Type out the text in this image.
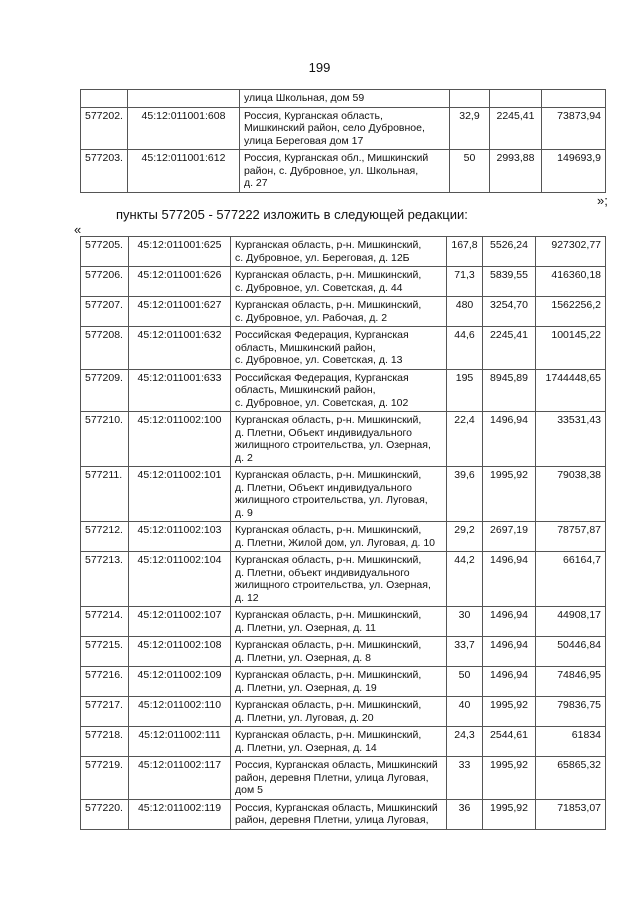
199

		улица Школьная, дом 59			

577202.	45:12:011001:608	Россия, Курганская область,
Мишкинский район, село Дубровное,
улица Береговая дом 17	32,9	2245,41	73873,94
577203.	45:12:011001:612	Россия, Курганская обл., Мишкинский
район, с. Дубровное, ул. Школьная,
д. 27	50	2993,88	149693,9
»;
пункты 577205 - 577222 изложить в следующей редакции:
«
577205.	45:12:011001:625	Курганская область, р-н. Мишкинский,
с. Дубровное, ул. Береговая, д. 12Б	167,8	5526,24	927302,77
577206.	45:12:011001:626	Курганская область, р-н. Мишкинский,
с. Дубровное, ул. Советская, д. 44	71,3	5839,55	416360,18
577207.	45:12:011001:627	Курганская область, р-н. Мишкинский,
с. Дубровное, ул. Рабочая, д. 2	480	3254,70	1562256,2
577208.	45:12:011001:632	Российская Федерация, Курганская
область, Мишкинский район,
с. Дубровное, ул. Советская, д. 13	44,6	2245,41	100145,22
577209.	45:12:011001:633	Российская Федерация, Курганская
область, Мишкинский район,
с. Дубровное, ул. Советская, д. 102	195	8945,89	1744448,65
577210.	45:12:011002:100	Курганская область, р-н. Мишкинский,
д. Плетни, Объект индивидуального
жилищного строительства, ул. Озерная,
д. 2	22,4	1496,94	33531,43
577211.	45:12:011002:101	Курганская область, р-н. Мишкинский,
д. Плетни, Объект индивидуального
жилищного строительства, ул. Луговая,
д. 9	39,6	1995,92	79038,38
577212.	45:12:011002:103	Курганская область, р-н. Мишкинский,
д. Плетни, Жилой дом, ул. Луговая, д. 10	29,2	2697,19	78757,87
577213.	45:12:011002:104	Курганская область, р-н. Мишкинский,
д. Плетни, объект индивидуального
жилищного строительства, ул. Озерная,
д. 12	44,2	1496,94	66164,7
577214.	45:12:011002:107	Курганская область, р-н. Мишкинский,
д. Плетни, ул. Озерная, д. 11	30	1496,94	44908,17
577215.	45:12:011002:108	Курганская область, р-н. Мишкинский,
д. Плетни, ул. Озерная, д. 8	33,7	1496,94	50446,84
577216.	45:12:011002:109	Курганская область, р-н. Мишкинский,
д. Плетни, ул. Озерная, д. 19	50	1496,94	74846,95
577217.	45:12:011002:110	Курганская область, р-н. Мишкинский,
д. Плетни, ул. Луговая, д. 20	40	1995,92	79836,75
577218.	45:12:011002:111	Курганская область, р-н. Мишкинский,
д. Плетни, ул. Озерная, д. 14	24,3	2544,61	61834
577219.	45:12:011002:117	Россия, Курганская область, Мишкинский
район, деревня Плетни, улица Луговая,
дом 5	33	1995,92	65865,32
577220.	45:12:011002:119	Россия, Курганская область, Мишкинский
район, деревня Плетни, улица Луговая,	36	1995,92	71853,07
